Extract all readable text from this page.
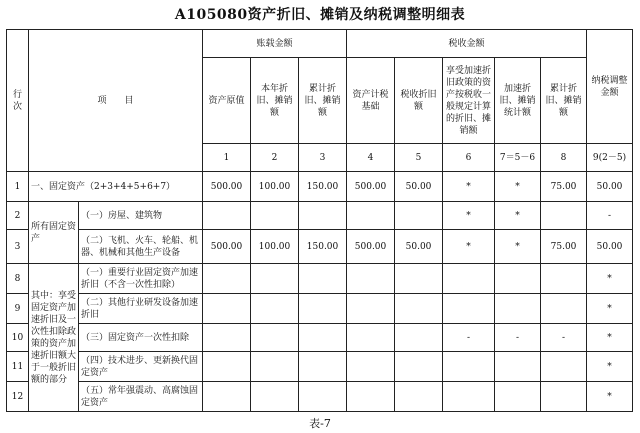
A105080资产折旧、摊销及纳税调整明细表
行次	项　　目		账载金额			税收金额					纳税调整金额
			资产原值	本年折旧、摊销额	累计折旧、摊销额	资产计税基础	税收折旧额	享受加速折旧政策的资产按税收一般规定计算的折旧、摊销额	加速折旧、摊销统计额	累计折旧、摊销额	
			1	2	3	4	5	6	7＝5－6	8	9(2－5)
1	一、固定资产（2+3+4+5+6+7）		500.00	100.00	150.00	500.00	50.00	*	*	75.00	50.00
2	所有固定资产	（一）房屋、建筑物						*	*		-
3		（二）飞机、火车、轮船、机器、机械和其他生产设备	500.00	100.00	150.00	500.00	50.00	*	*	75.00	50.00
8	其中：享受固定资产加速折旧及一次性扣除政策的资产加速折旧额大于一般折旧额的部分	（一）重要行业固定资产加速折旧（不含一次性扣除）									*
9		（二）其他行业研发设备加速折旧									*
10		（三）固定资产一次性扣除						-	-	-	*
11		（四）技术进步、更新换代固定资产									*
12		（五）常年强震动、高腐蚀固定资产									*
表-7
